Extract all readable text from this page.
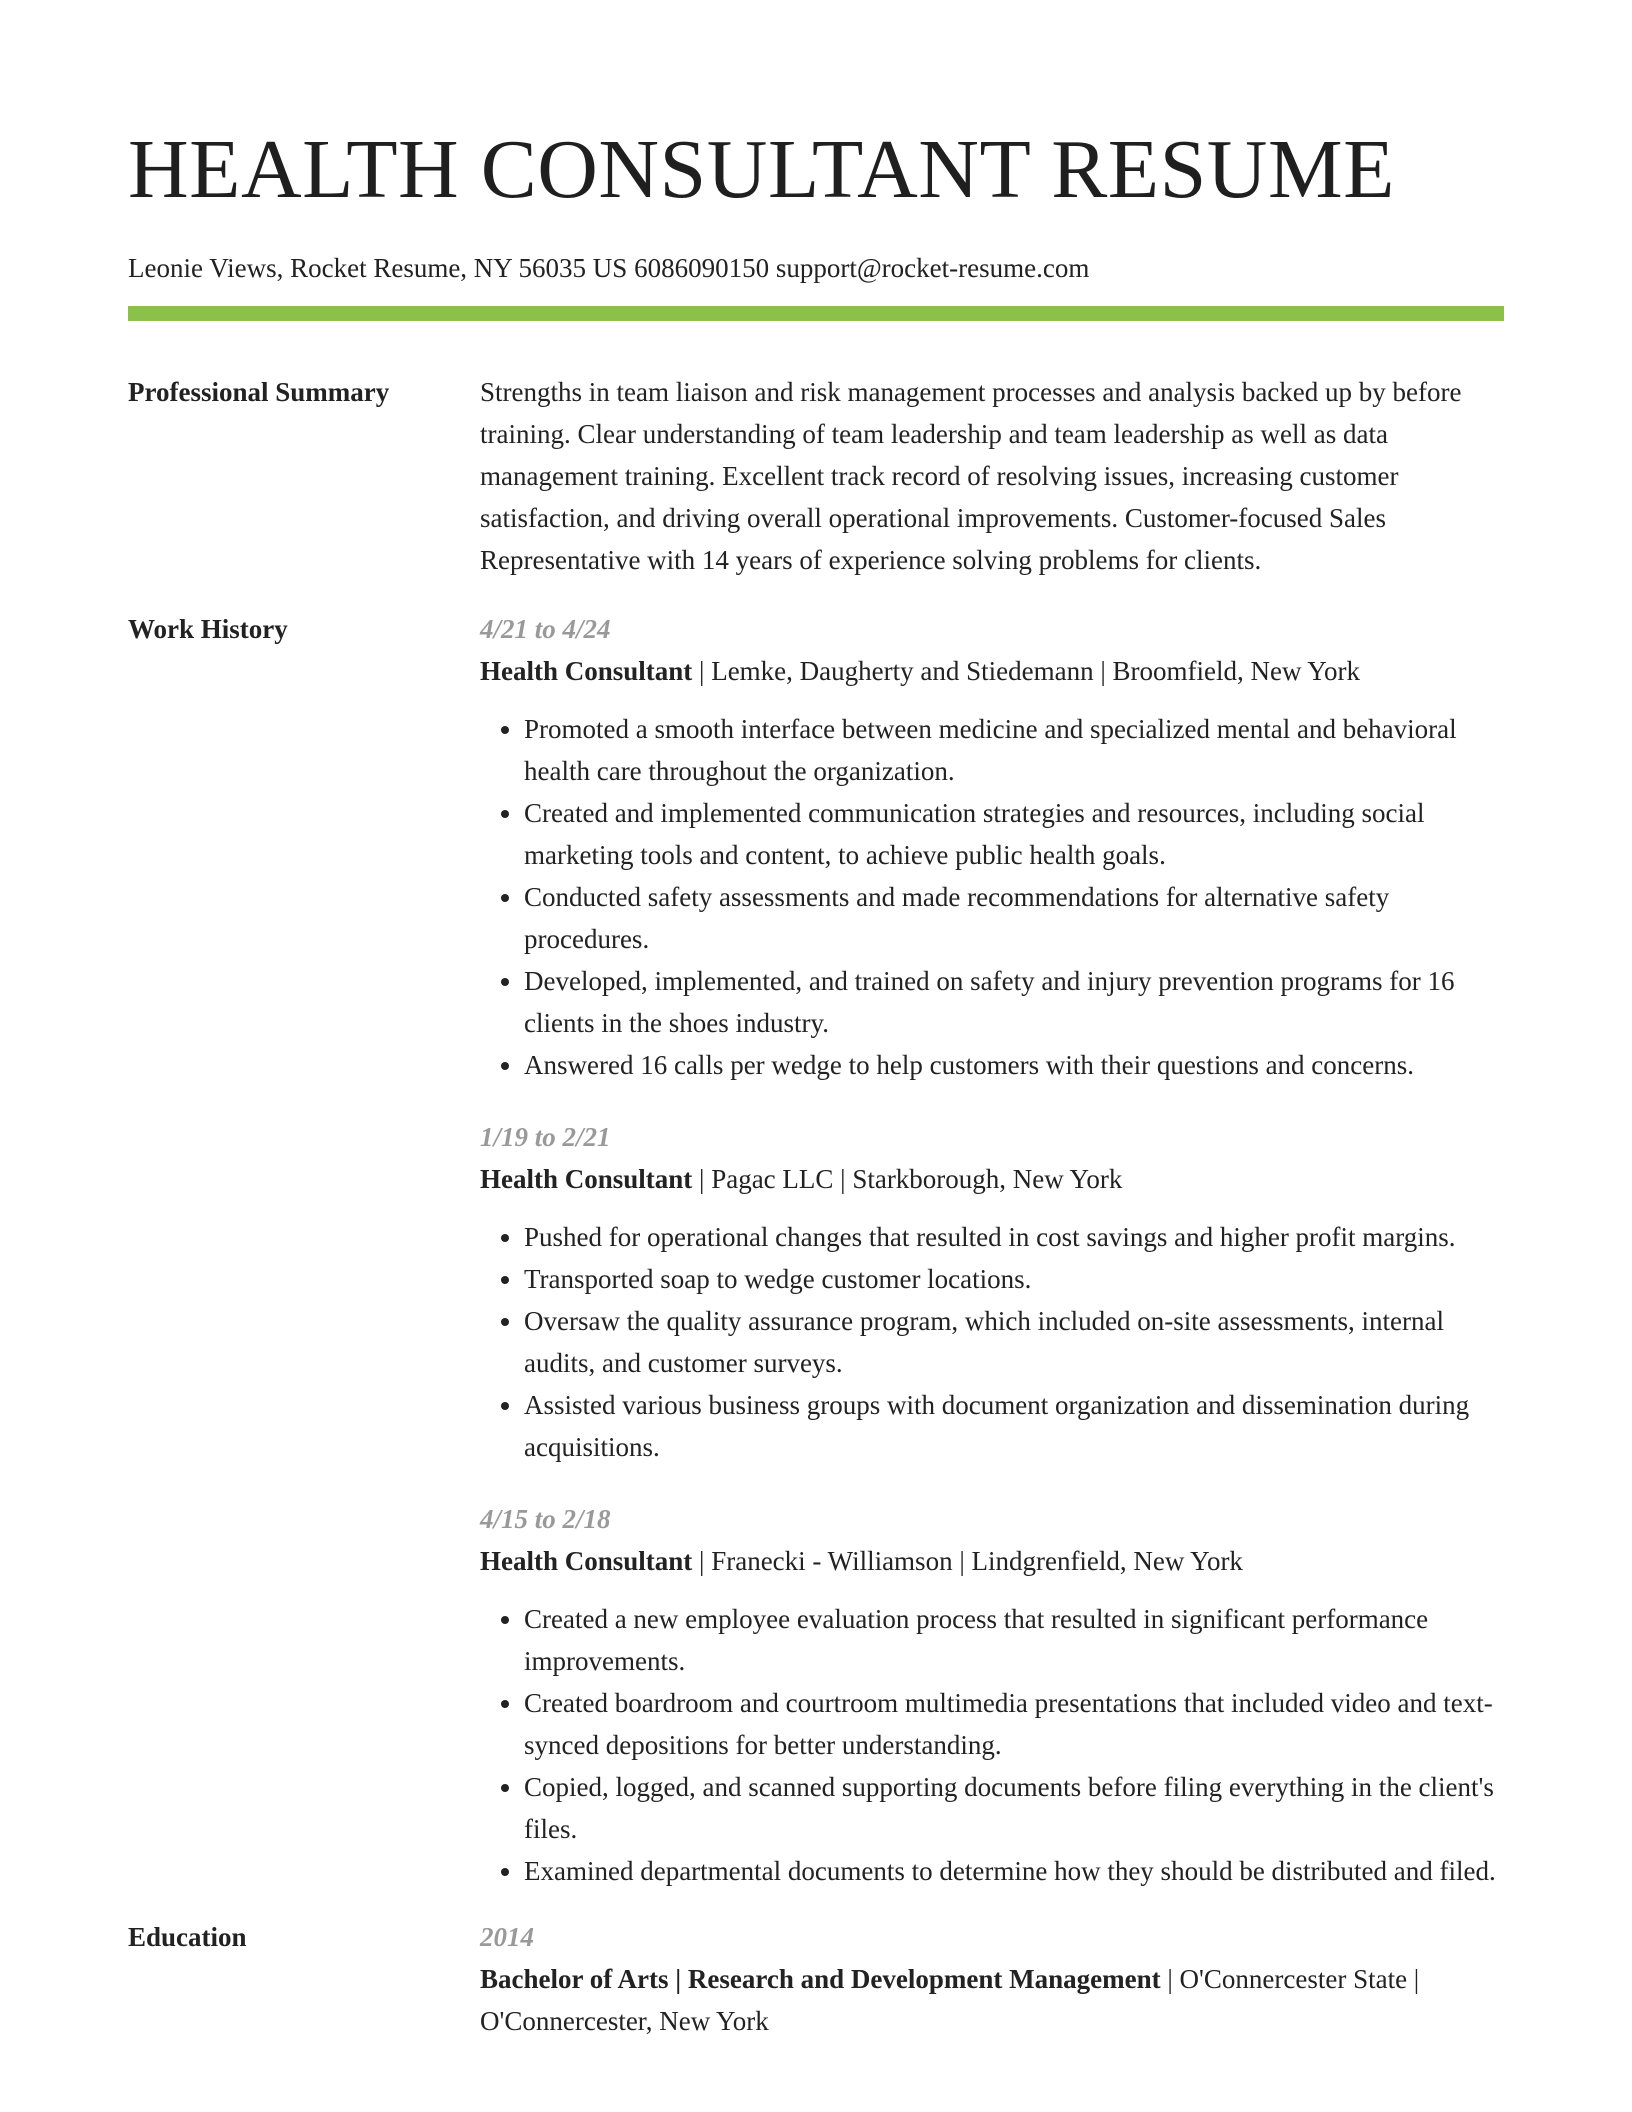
HEALTH CONSULTANT RESUME
Leonie Views, Rocket Resume, NY 56035 US 6086090150 support@rocket-resume.com
Professional Summary	Strengths in team liaison and risk management processes and analysis backed up by before training. Clear understanding of team leadership and team leadership as well as data management training. Excellent track record of resolving issues, increasing customer satisfaction, and driving overall operational improvements. Customer-focused Sales Representative with 14 years of experience solving problems for clients.
Work History	4/21 to 4/24
Health Consultant | Lemke, Daugherty and Stiedemann | Broomfield, New York
• Promoted a smooth interface between medicine and specialized mental and behavioral health care throughout the organization.
• Created and implemented communication strategies and resources, including social marketing tools and content, to achieve public health goals.
• Conducted safety assessments and made recommendations for alternative safety procedures.
• Developed, implemented, and trained on safety and injury prevention programs for 16 clients in the shoes industry.
• Answered 16 calls per wedge to help customers with their questions and concerns.
1/19 to 2/21
Health Consultant | Pagac LLC | Starkborough, New York
• Pushed for operational changes that resulted in cost savings and higher profit margins.
• Transported soap to wedge customer locations.
• Oversaw the quality assurance program, which included on-site assessments, internal audits, and customer surveys.
• Assisted various business groups with document organization and dissemination during acquisitions.
4/15 to 2/18
Health Consultant | Franecki - Williamson | Lindgrenfield, New York
• Created a new employee evaluation process that resulted in significant performance improvements.
• Created boardroom and courtroom multimedia presentations that included video and text-synced depositions for better understanding.
• Copied, logged, and scanned supporting documents before filing everything in the client's files.
• Examined departmental documents to determine how they should be distributed and filed.
Education	2014
Bachelor of Arts | Research and Development Management | O'Connercester State | O'Connercester, New York
